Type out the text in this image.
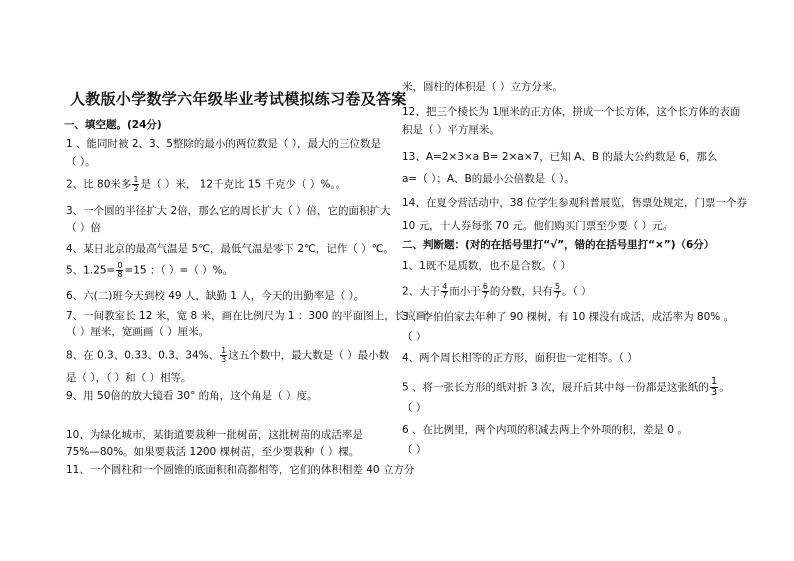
人教版小学数学六年级毕业考试模拟练习卷及答案
一、填空题。(24分)
1 、能同时被 2、3、5整除的最小的两位数是（ ），最大的三位数是
（ ）。
2、比 80米多 $\frac{1}{2}$ 是（ ）米， 12千克比 15 千克少（ ）%。。
3、一个圆的半径扩大 2倍，那么它的周长扩大（ ）倍，它的面积扩大
（ ）倍
4、某日北京的最高气温是 5℃，最低气温是零下 2℃，记作（ ）℃。
5、$1.25= \frac{0}{8} =15$ ：（ ）=（ ）%。
6、六(二)班今天到校 49 人，缺勤 1 人，今天的出勤率是（ ）。
7、一间教室长 12 米，宽 8 米，画在比例尺为 1 ：300 的平面图上，长应画
（ ）厘米，宽画画（ ）厘米。
8、在 0.3、0.33、0.3、34%、 $\frac{1}{3}$ 这五个数中，最大数是（ ）最小数
是（ ），（ ）和（ ）相等。
9、用 50倍的放大镜看 30° 的角，这个角是（ ）度。
10、为绿化城市，某街道要栽种一批树苗，这批树苗的成活率是
75%—80%。如果要栽活 1200 棵树苗，至少要栽种（ ）棵。
11、一个圆柱和一个圆锥的底面积和高都相等，它们的体积相差 40 立方分
米，圆柱的体积是（ ）立方分米。
12、把三个棱长为 1厘米的正方体，拼成一个长方体，这个长方体的表面
积是（ ）平方厘米。
13、A=2×3×a B= 2×a×7，已知 A、B 的最大公约数是 6，那么
a=（ ）；A、B的最小公倍数是（ ）。
14、在夏令营活动中，38 位学生参观科普展览，售票处规定，门票一个券
10 元，十人券每张 70 元。他们购买门票至少要（ ）元。
二、判断题：(对的在括号里打“√”，错的在括号里打“×”)（6分）
1、1既不是质数，也不是合数。（ ）
2、大于 $\frac{4}{7}$ 而小于 $\frac{6}{7}$ 的分数，只有 $\frac{5}{7}$ 。（ ）
3 、李伯伯家去年种了 90 棵树，有 10 棵没有成活，成活率为 80% 。
（ ）
4、两个周长相等的正方形，面积也一定相等。（ ）
5 、将一张长方形的纸对折 3 次，展开后其中每一份都是这张纸的 $\frac{1}{3}$ 。
（ ）
6 、在比例里，两个内项的积减去两上个外项的积，差是 0 。
（ ）
